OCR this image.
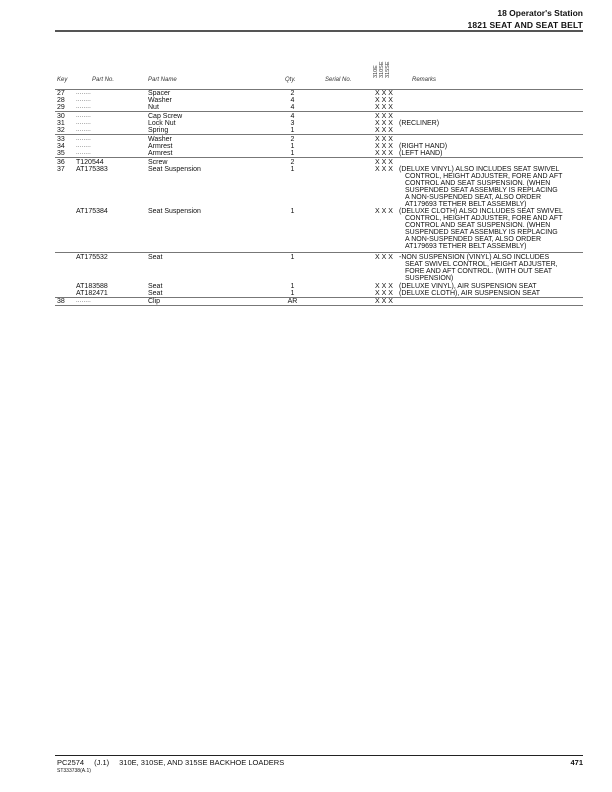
18 Operator's Station
1821 SEAT AND SEAT BELT
Key	Part No.	Part Name	Qty.	Serial No.
310E 310SE 315SE
Remarks
27 ........	Spacer	2	X X X
28 ........	Washer	4	X X X
29 ........	Nut	4	X X X
30 ........	Cap Screw	4	X X X
31 ........	Lock Nut	3	X X X (RECLINER)
32 ........	Spring	1	X X X
33 ........	Washer	2	X X X
34 ........	Armrest	1	X X X (RIGHT HAND)
35 ........	Armrest	1	X X X (LEFT HAND)
36 T120544	Screw	2	X X X
37 AT175383	Seat Suspension	1	X X X (DELUXE VINYL) ALSO INCLUDES SEAT SWIVEL
CONTROL, HEIGHT ADJUSTER, FORE AND AFT
CONTROL AND SEAT SUSPENSION. (WHEN
SUSPENDED SEAT ASSEMBLY IS REPLACING
A NON-SUSPENDED SEAT, ALSO ORDER
AT179693 TETHER BELT ASSEMBLY)
AT175384	Seat Suspension	1	X X X (DELUXE CLOTH) ALSO INCLUDES SEAT SWIVEL
CONTROL, HEIGHT ADJUSTER, FORE AND AFT
CONTROL AND SEAT SUSPENSION. (WHEN
SUSPENDED SEAT ASSEMBLY IS REPLACING
A NON-SUSPENDED SEAT, ALSO ORDER
AT179693 TETHER BELT ASSEMBLY)
AT175532	Seat	1	X X X -NON SUSPENSION (VINYL) ALSO INCLUDES
SEAT SWIVEL CONTROL, HEIGHT ADJUSTER,
FORE AND AFT CONTROL. (WITH OUT SEAT
SUSPENSION)
AT183588	Seat	1	X X X (DELUXE VINYL), AIR SUSPENSION SEAT
AT182471	Seat	1	X X X (DELUXE CLOTH), AIR SUSPENSION SEAT
38 ........	Clip	AR	X X X
PC2574 (J.1) 310E, 310SE, AND 315SE BACKHOE LOADERS
ST333738(A.1)
471
